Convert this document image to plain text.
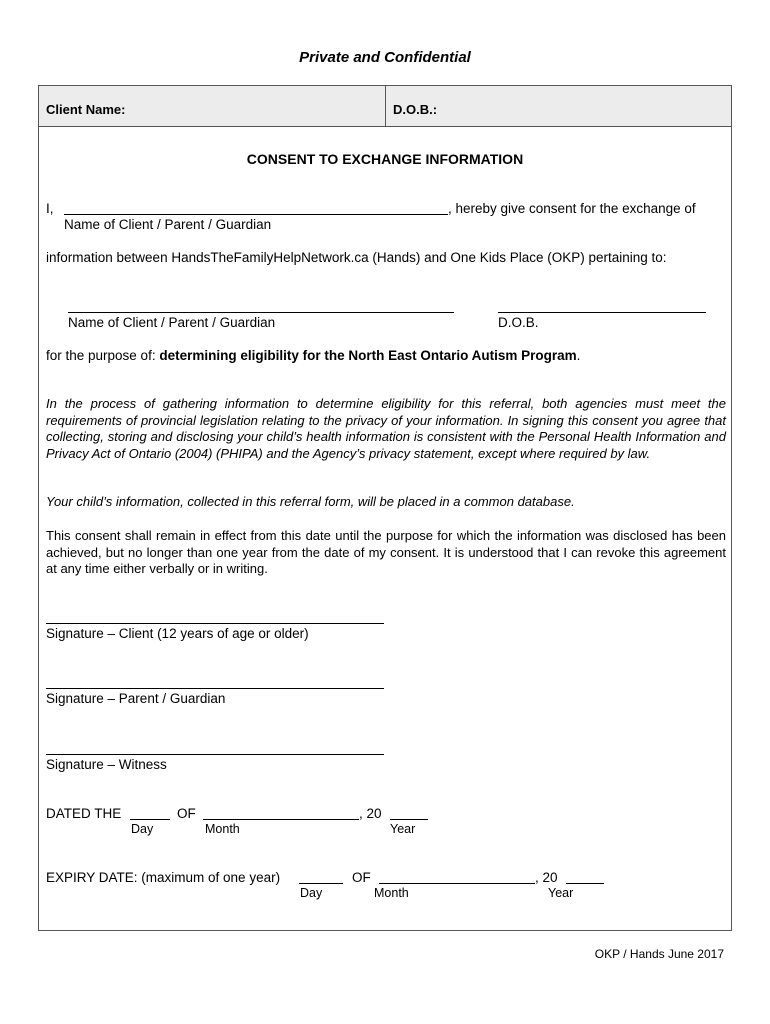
Private and Confidential
Client Name:	D.O.B.:
CONSENT TO EXCHANGE INFORMATION
I,	, hereby give consent for the exchange of
Name of Client / Parent / Guardian
information between HandsTheFamilyHelpNetwork.ca (Hands) and One Kids Place (OKP) pertaining to:
Name of Client / Parent / Guardian	D.O.B.
for the purpose of: determining eligibility for the North East Ontario Autism Program.
In the process of gathering information to determine eligibility for this referral, both agencies must meet the requirements of provincial legislation relating to the privacy of your information. In signing this consent you agree that collecting, storing and disclosing your child’s health information is consistent with the Personal Health Information and Privacy Act of Ontario (2004) (PHIPA) and the Agency’s privacy statement, except where required by law.
Your child’s information, collected in this referral form, will be placed in a common database.
This consent shall remain in effect from this date until the purpose for which the information was disclosed has been achieved, but no longer than one year from the date of my consent. It is understood that I can revoke this agreement at any time either verbally or in writing.
Signature – Client (12 years of age or older)
Signature – Parent / Guardian
Signature – Witness
DATED THE	OF	, 20
Day	Month	Year
EXPIRY DATE: (maximum of one year)	OF	, 20
Day	Month	Year
OKP / Hands June 2017
